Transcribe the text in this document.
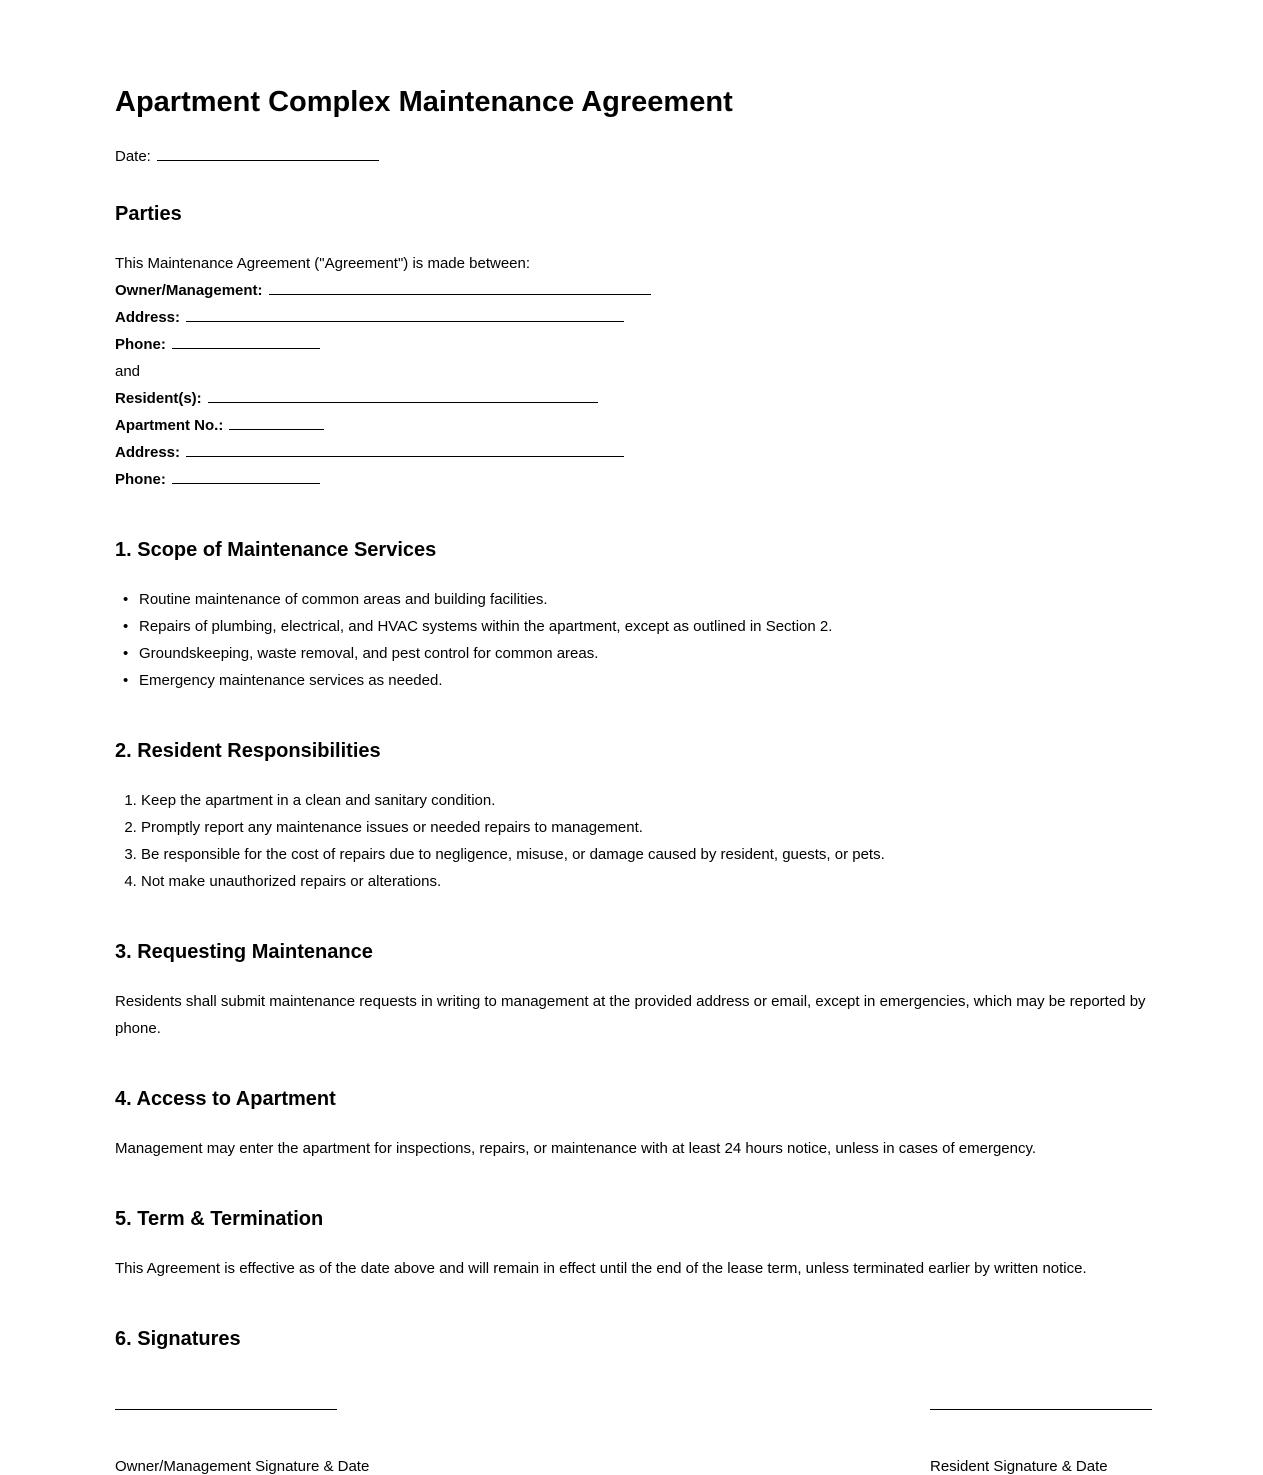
Apartment Complex Maintenance Agreement
Date:
Parties

This Maintenance Agreement ("Agreement") is made between:

Owner/Management:
Address:
Phone:
and
Resident(s):
Apartment No.:
Address:
Phone:
1. Scope of Maintenance Services
• Routine maintenance of common areas and building facilities.
• Repairs of plumbing, electrical, and HVAC systems within the apartment, except as outlined in Section 2.
• Groundskeeping, waste removal, and pest control for common areas.
• Emergency maintenance services as needed.
2. Resident Responsibilities
1. Keep the apartment in a clean and sanitary condition.
2. Promptly report any maintenance issues or needed repairs to management.
3. Be responsible for the cost of repairs due to negligence, misuse, or damage caused by resident, guests, or pets.
4. Not make unauthorized repairs or alterations.
3. Requesting Maintenance

Residents shall submit maintenance requests in writing to management at the provided address or email, except in emergencies, which may be reported by phone.

4. Access to Apartment

Management may enter the apartment for inspections, repairs, or maintenance with at least 24 hours notice, unless in cases of emergency.

5. Term & Termination

This Agreement is effective as of the date above and will remain in effect until the end of the lease term, unless terminated earlier by written notice.

6. Signatures
Owner/Management Signature & Date	Resident Signature & Date
